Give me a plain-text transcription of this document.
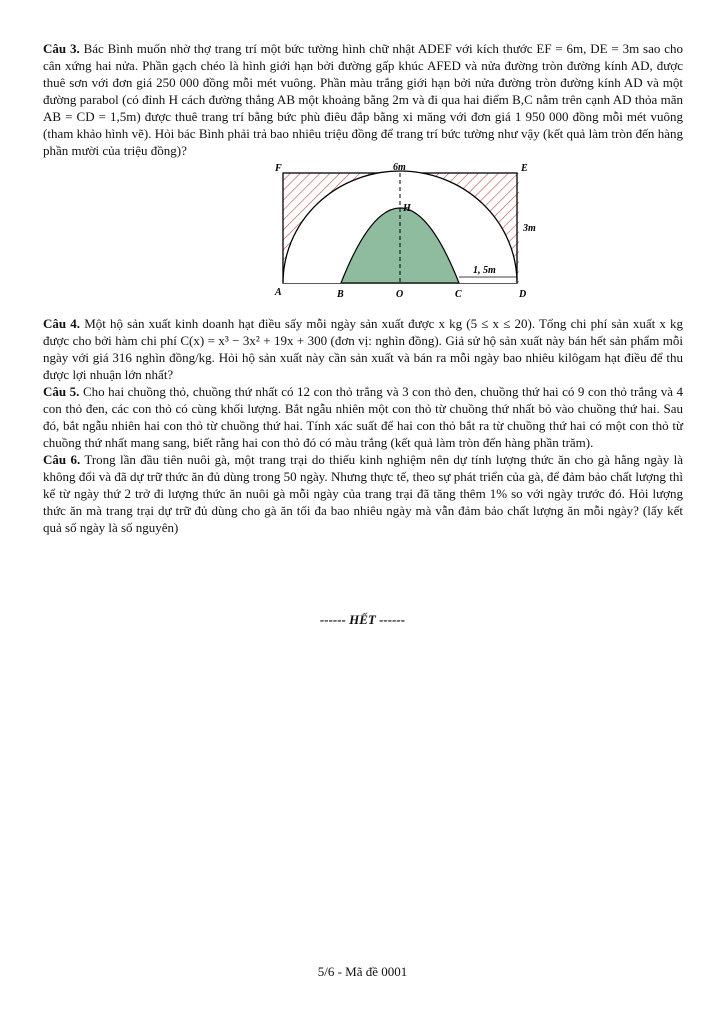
Câu 3. Bác Bình muốn nhờ thợ trang trí một bức tường hình chữ nhật ADEF với kích thước EF = 6m, DE = 3m sao cho cân xứng hai nửa. Phần gạch chéo là hình giới hạn bởi đường gấp khúc AFED và nửa đường tròn đường kính AD, được thuê sơn với đơn giá 250 000 đồng mỗi mét vuông. Phần màu trắng giới hạn bởi nửa đường tròn đường kính AD và một đường parabol (có đỉnh H cách đường thẳng AB một khoảng bằng 2m và đi qua hai điểm B,C nằm trên cạnh AD thỏa mãn AB = CD = 1,5m) được thuê trang trí bằng bức phù điêu đắp bằng xi măng với đơn giá 1 950 000 đồng mỗi mét vuông (tham khảo hình vẽ). Hỏi bác Bình phải trả bao nhiêu triệu đồng để trang trí bức tường như vậy (kết quả làm tròn đến hàng phần mười của triệu đồng)?

F	E
A	B	O	C	D
H
6m
3m
1, 5m

Câu 4. Một hộ sản xuất kinh doanh hạt điều sấy mỗi ngày sản xuất được x kg (5 ≤ x ≤ 20). Tổng chi phí sản xuất x kg được cho bởi hàm chi phí C(x) = x³ − 3x² + 19x + 300 (đơn vị: nghìn đồng). Giả sử hộ sản xuất này bán hết sản phẩm mỗi ngày với giá 316 nghìn đồng/kg. Hỏi hộ sản xuất này cần sản xuất và bán ra mỗi ngày bao nhiêu kilôgam hạt điều để thu được lợi nhuận lớn nhất?

Câu 5. Cho hai chuồng thỏ, chuồng thứ nhất có 12 con thỏ trắng và 3 con thỏ đen, chuồng thứ hai có 9 con thỏ trắng và 4 con thỏ đen, các con thỏ có cùng khối lượng. Bắt ngẫu nhiên một con thỏ từ chuồng thứ nhất bỏ vào chuồng thứ hai. Sau đó, bắt ngẫu nhiên hai con thỏ từ chuồng thứ hai. Tính xác suất để hai con thỏ bắt ra từ chuồng thứ hai có một con thỏ từ chuồng thứ nhất mang sang, biết rằng hai con thỏ đó có màu trắng (kết quả làm tròn đến hàng phần trăm).

Câu 6. Trong lần đầu tiên nuôi gà, một trang trại do thiếu kinh nghiệm nên dự tính lượng thức ăn cho gà hằng ngày là không đổi và đã dự trữ thức ăn đủ dùng trong 50 ngày. Nhưng thực tế, theo sự phát triển của gà, để đảm bảo chất lượng thì kể từ ngày thứ 2 trở đi lượng thức ăn nuôi gà mỗi ngày của trang trại đã tăng thêm 1% so với ngày trước đó. Hỏi lượng thức ăn mà trang trại dự trữ đủ dùng cho gà ăn tối đa bao nhiêu ngày mà vẫn đảm bảo chất lượng ăn mỗi ngày? (lấy kết quả số ngày là số nguyên)

------ HẾT ------
5/6 - Mã đề 0001
